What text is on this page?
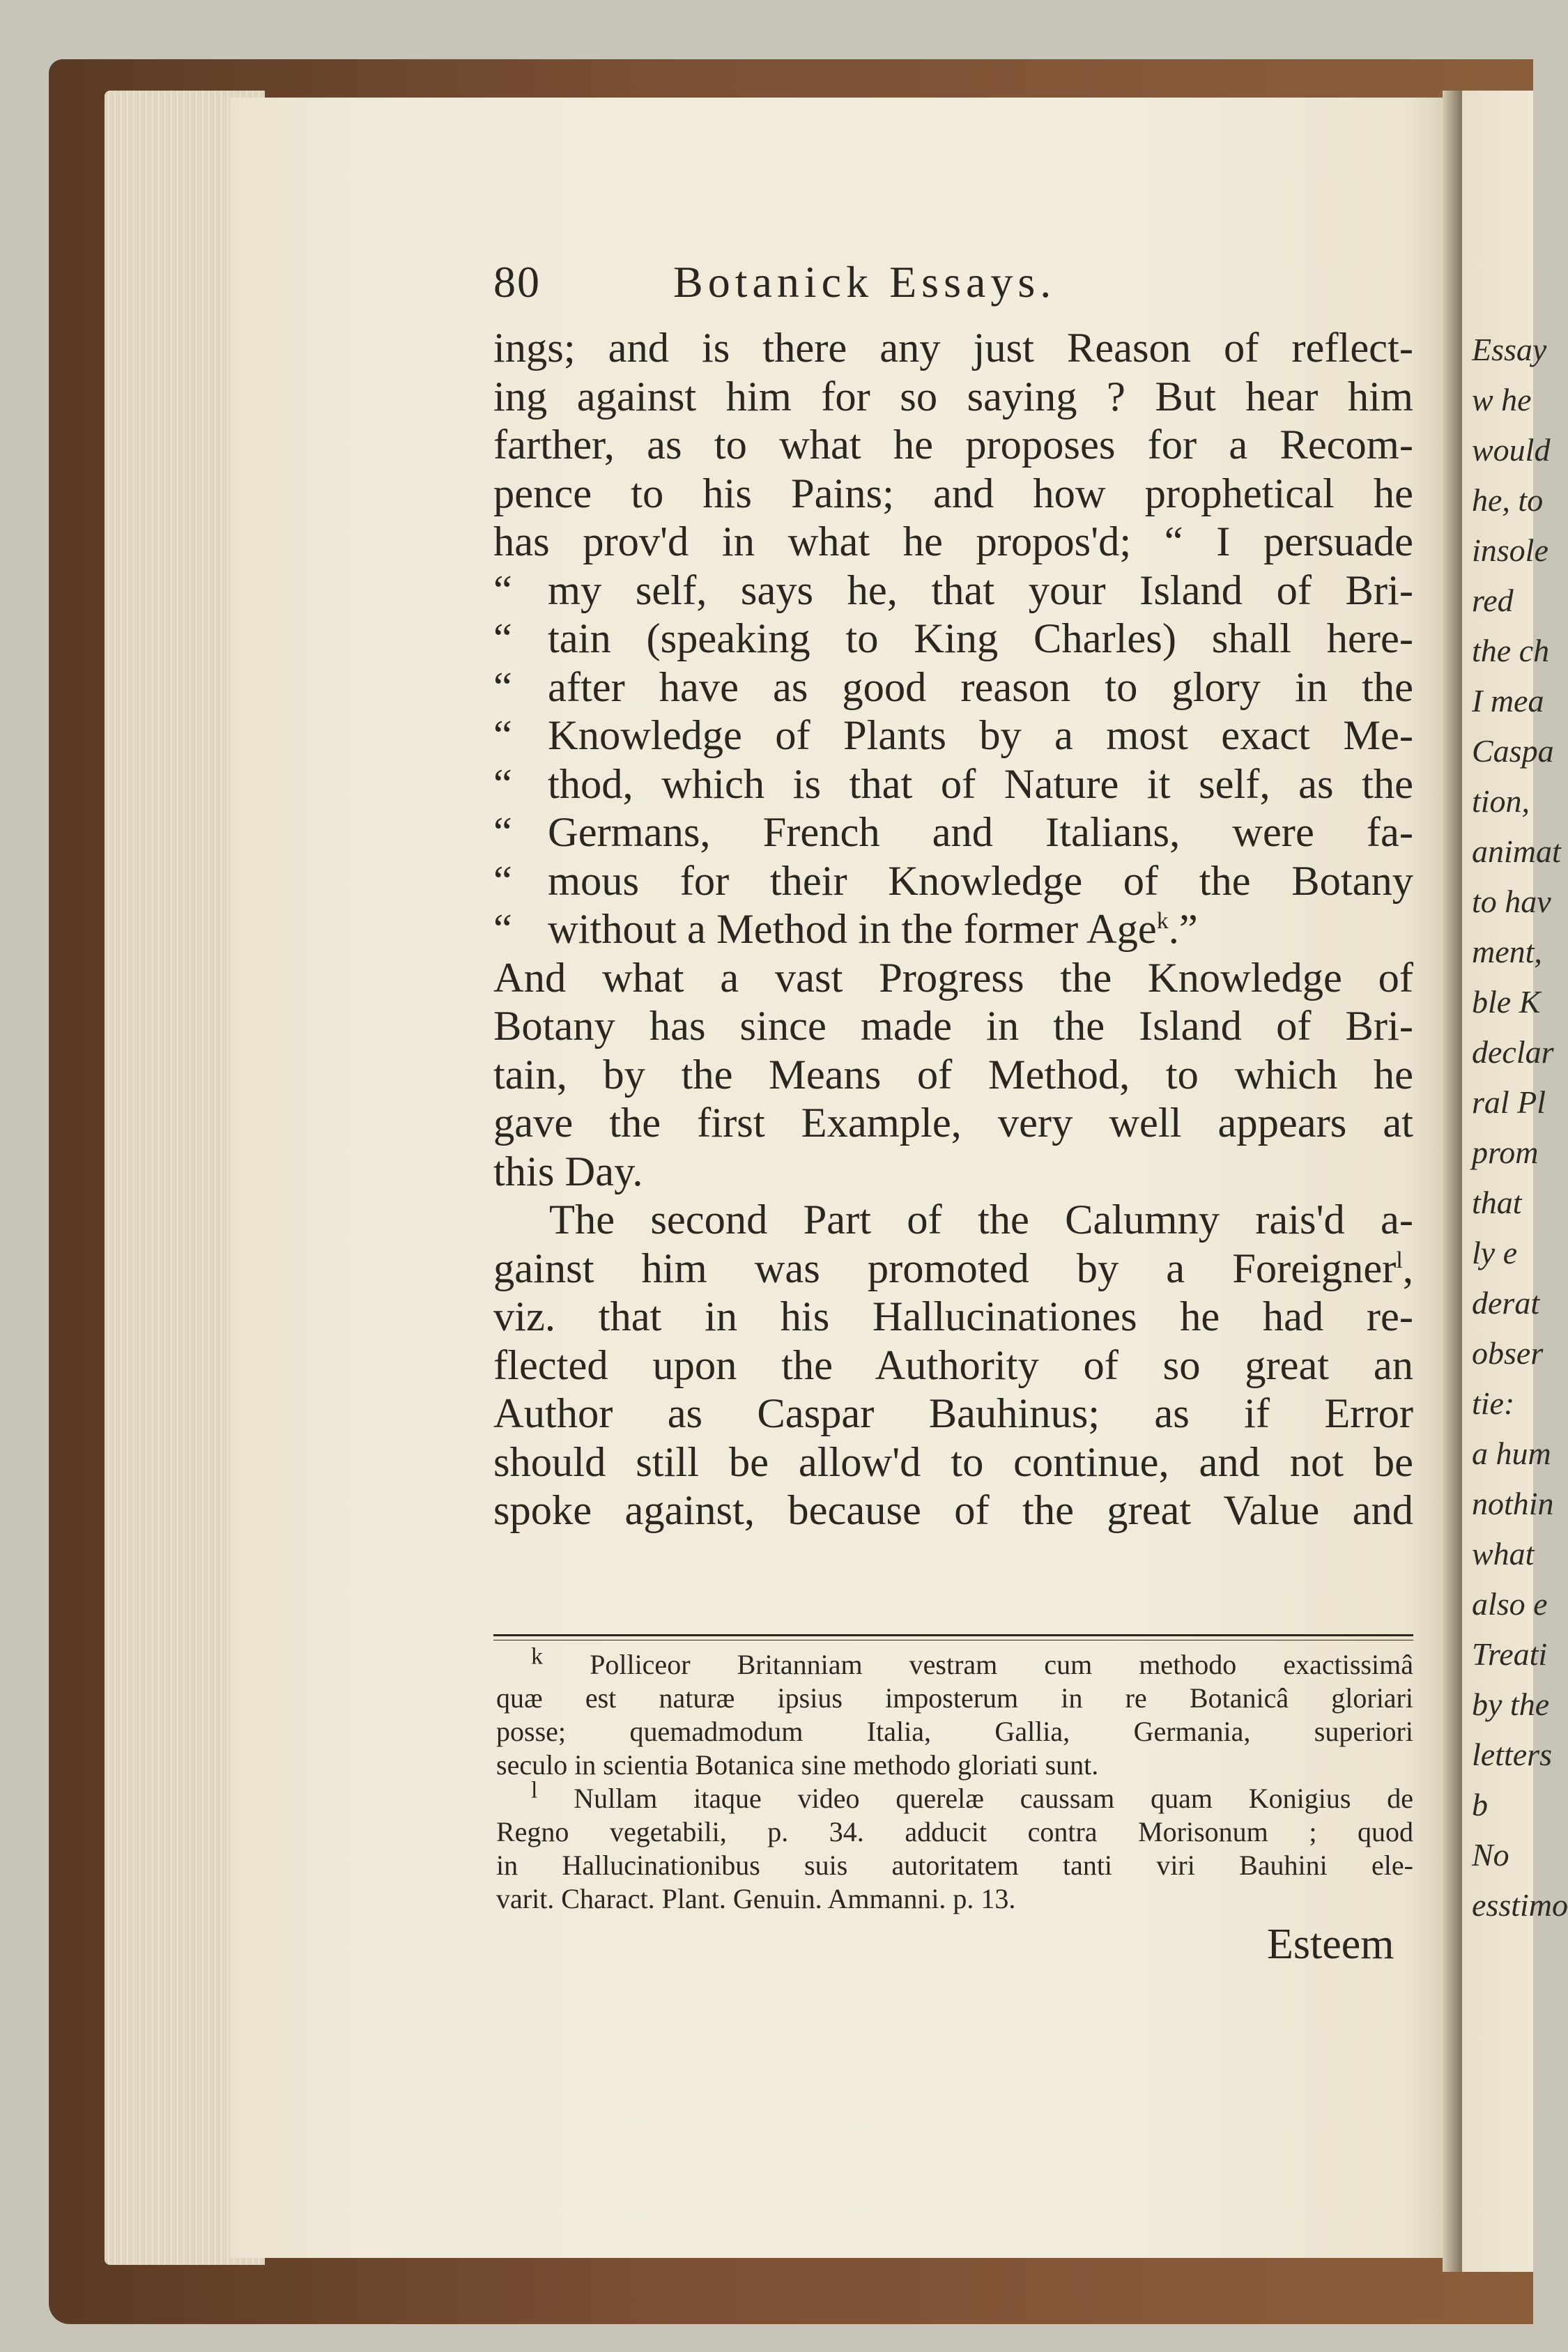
Essay
w he
would
he, to
insole
red
the ch
I mea
Caspa
tion,
animat
to hav
ment,
ble K
declar
ral Pl
prom
that
ly e
derat
obser
tie:
a hum
nothin
what
also e
Treati
by the
letters
b
No
esstimo
80	Botanick Essays.
ings; and is there any just Reason of reflect-
ing against him for so saying ? But hear him
farther, as to what he proposes for a Recom-
pence to his Pains; and how prophetical he
has prov'd in what he propos'd; “ I persuade
“ my self, says he, that your Island of Bri-
“ tain (speaking to King Charles) shall here-
“ after have as good reason to glory in the
“ Knowledge of Plants by a most exact Me-
“ thod, which is that of Nature it self, as the
“ Germans, French and Italians, were fa-
“ mous for their Knowledge of the Botany
“ without a Method in the former Age$^k$.”
And what a vast Progress the Knowledge of
Botany has since made in the Island of Bri-
tain, by the Means of Method, to which he
gave the first Example, very well appears at
this Day.
The second Part of the Calumny rais'd a-
gainst him was promoted by a Foreigner$^l$,
viz. that in his Hallucinationes he had re-
flected upon the Authority of so great an
Author as Caspar Bauhinus; as if Error
should still be allow'd to continue, and not be
spoke against, because of the great Value and
$^k$ Polliceor Britanniam vestram cum methodo exactissimâ
quæ est naturæ ipsius imposterum in re Botanicâ gloriari
posse; quemadmodum Italia, Gallia, Germania, superiori
seculo in scientia Botanica sine methodo gloriati sunt.
$^l$ Nullam itaque video querelæ caussam quam Konigius de
Regno vegetabili, p. 34. adducit contra Morisonum ; quod
in Hallucinationibus suis autoritatem tanti viri Bauhini ele-
varit. Charact. Plant. Genuin. Ammanni. p. 13.
Esteem
